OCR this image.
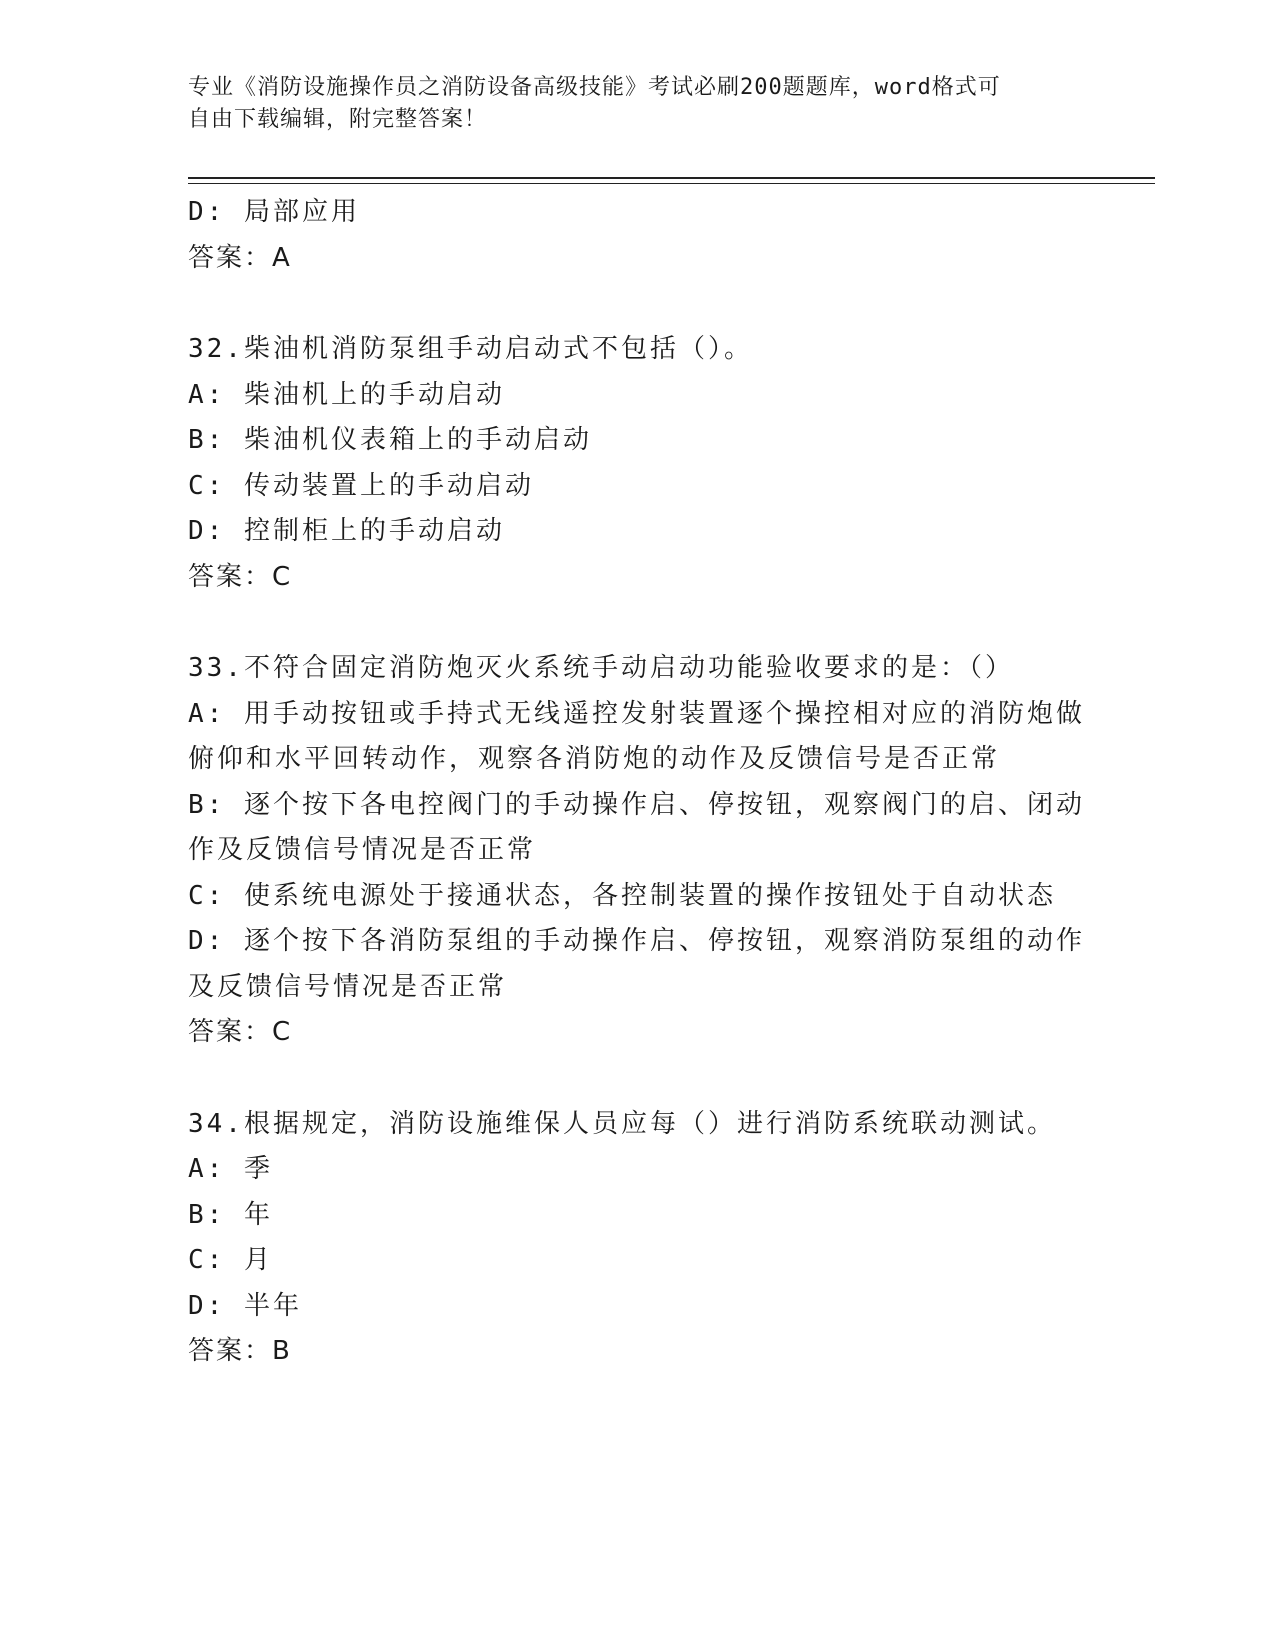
专业《消防设施操作员之消防设备高级技能》考试必刷200题题库，word格式可
自由下载编辑，附完整答案！
D: 局部应用
答案：A
32.柴油机消防泵组手动启动式不包括（）。
A: 柴油机上的手动启动
B: 柴油机仪表箱上的手动启动
C: 传动装置上的手动启动
D: 控制柜上的手动启动
答案：C
33.不符合固定消防炮灭火系统手动启动功能验收要求的是：（）
A: 用手动按钮或手持式无线遥控发射装置逐个操控相对应的消防炮做
俯仰和水平回转动作，观察各消防炮的动作及反馈信号是否正常
B: 逐个按下各电控阀门的手动操作启、停按钮，观察阀门的启、闭动
作及反馈信号情况是否正常
C: 使系统电源处于接通状态，各控制装置的操作按钮处于自动状态
D: 逐个按下各消防泵组的手动操作启、停按钮，观察消防泵组的动作
及反馈信号情况是否正常
答案：C
34.根据规定，消防设施维保人员应每（）进行消防系统联动测试。
A: 季
B: 年
C: 月
D: 半年
答案：B
